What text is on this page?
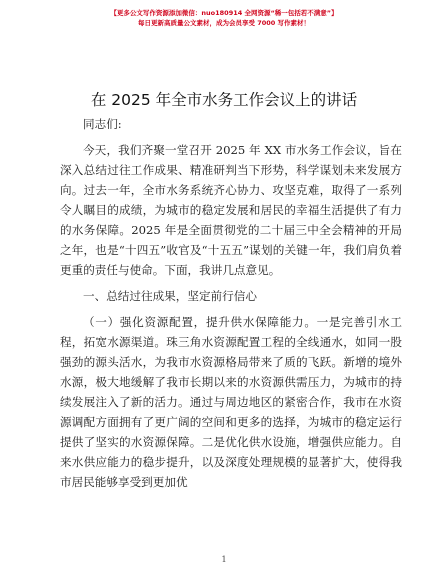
【更多公文写作资源添加微信：nuo180914 全网资源“稀一包括若不满意”】
每日更新高质量公文素材，成为会员享受 7000 写作素材！
在 2025 年全市水务工作会议上的讲话

同志们:

今天，我们齐聚一堂召开 2025 年 XX 市水务工作会议，旨在深入总结过往工作成果、精准研判当下形势，科学谋划未来发展方向。过去一年，全市水务系统齐心协力、攻坚克难，取得了一系列令人瞩目的成绩，为城市的稳定发展和居民的幸福生活提供了有力的水务保障。2025 年是全面贯彻党的二十届三中全会精神的开局之年，也是“十四五”收官及“十五五”谋划的关键一年，我们肩负着更重的责任与使命。下面，我讲几点意见。

一、总结过往成果，坚定前行信心

（一）强化资源配置，提升供水保障能力。一是完善引水工程，拓宽水源渠道。珠三角水资源配置工程的全线通水，如同一股强劲的源头活水，为我市水资源格局带来了质的飞跃。新增的境外水源，极大地缓解了我市长期以来的水资源供需压力，为城市的持续发展注入了新的活力。通过与周边地区的紧密合作，我市在水资源调配方面拥有了更广阔的空间和更多的选择，为城市的稳定运行提供了坚实的水资源保障。二是优化供水设施，增强供应能力。自来水供应能力的稳步提升，以及深度处理规模的显著扩大，使得我市居民能够享受到更加优

1
